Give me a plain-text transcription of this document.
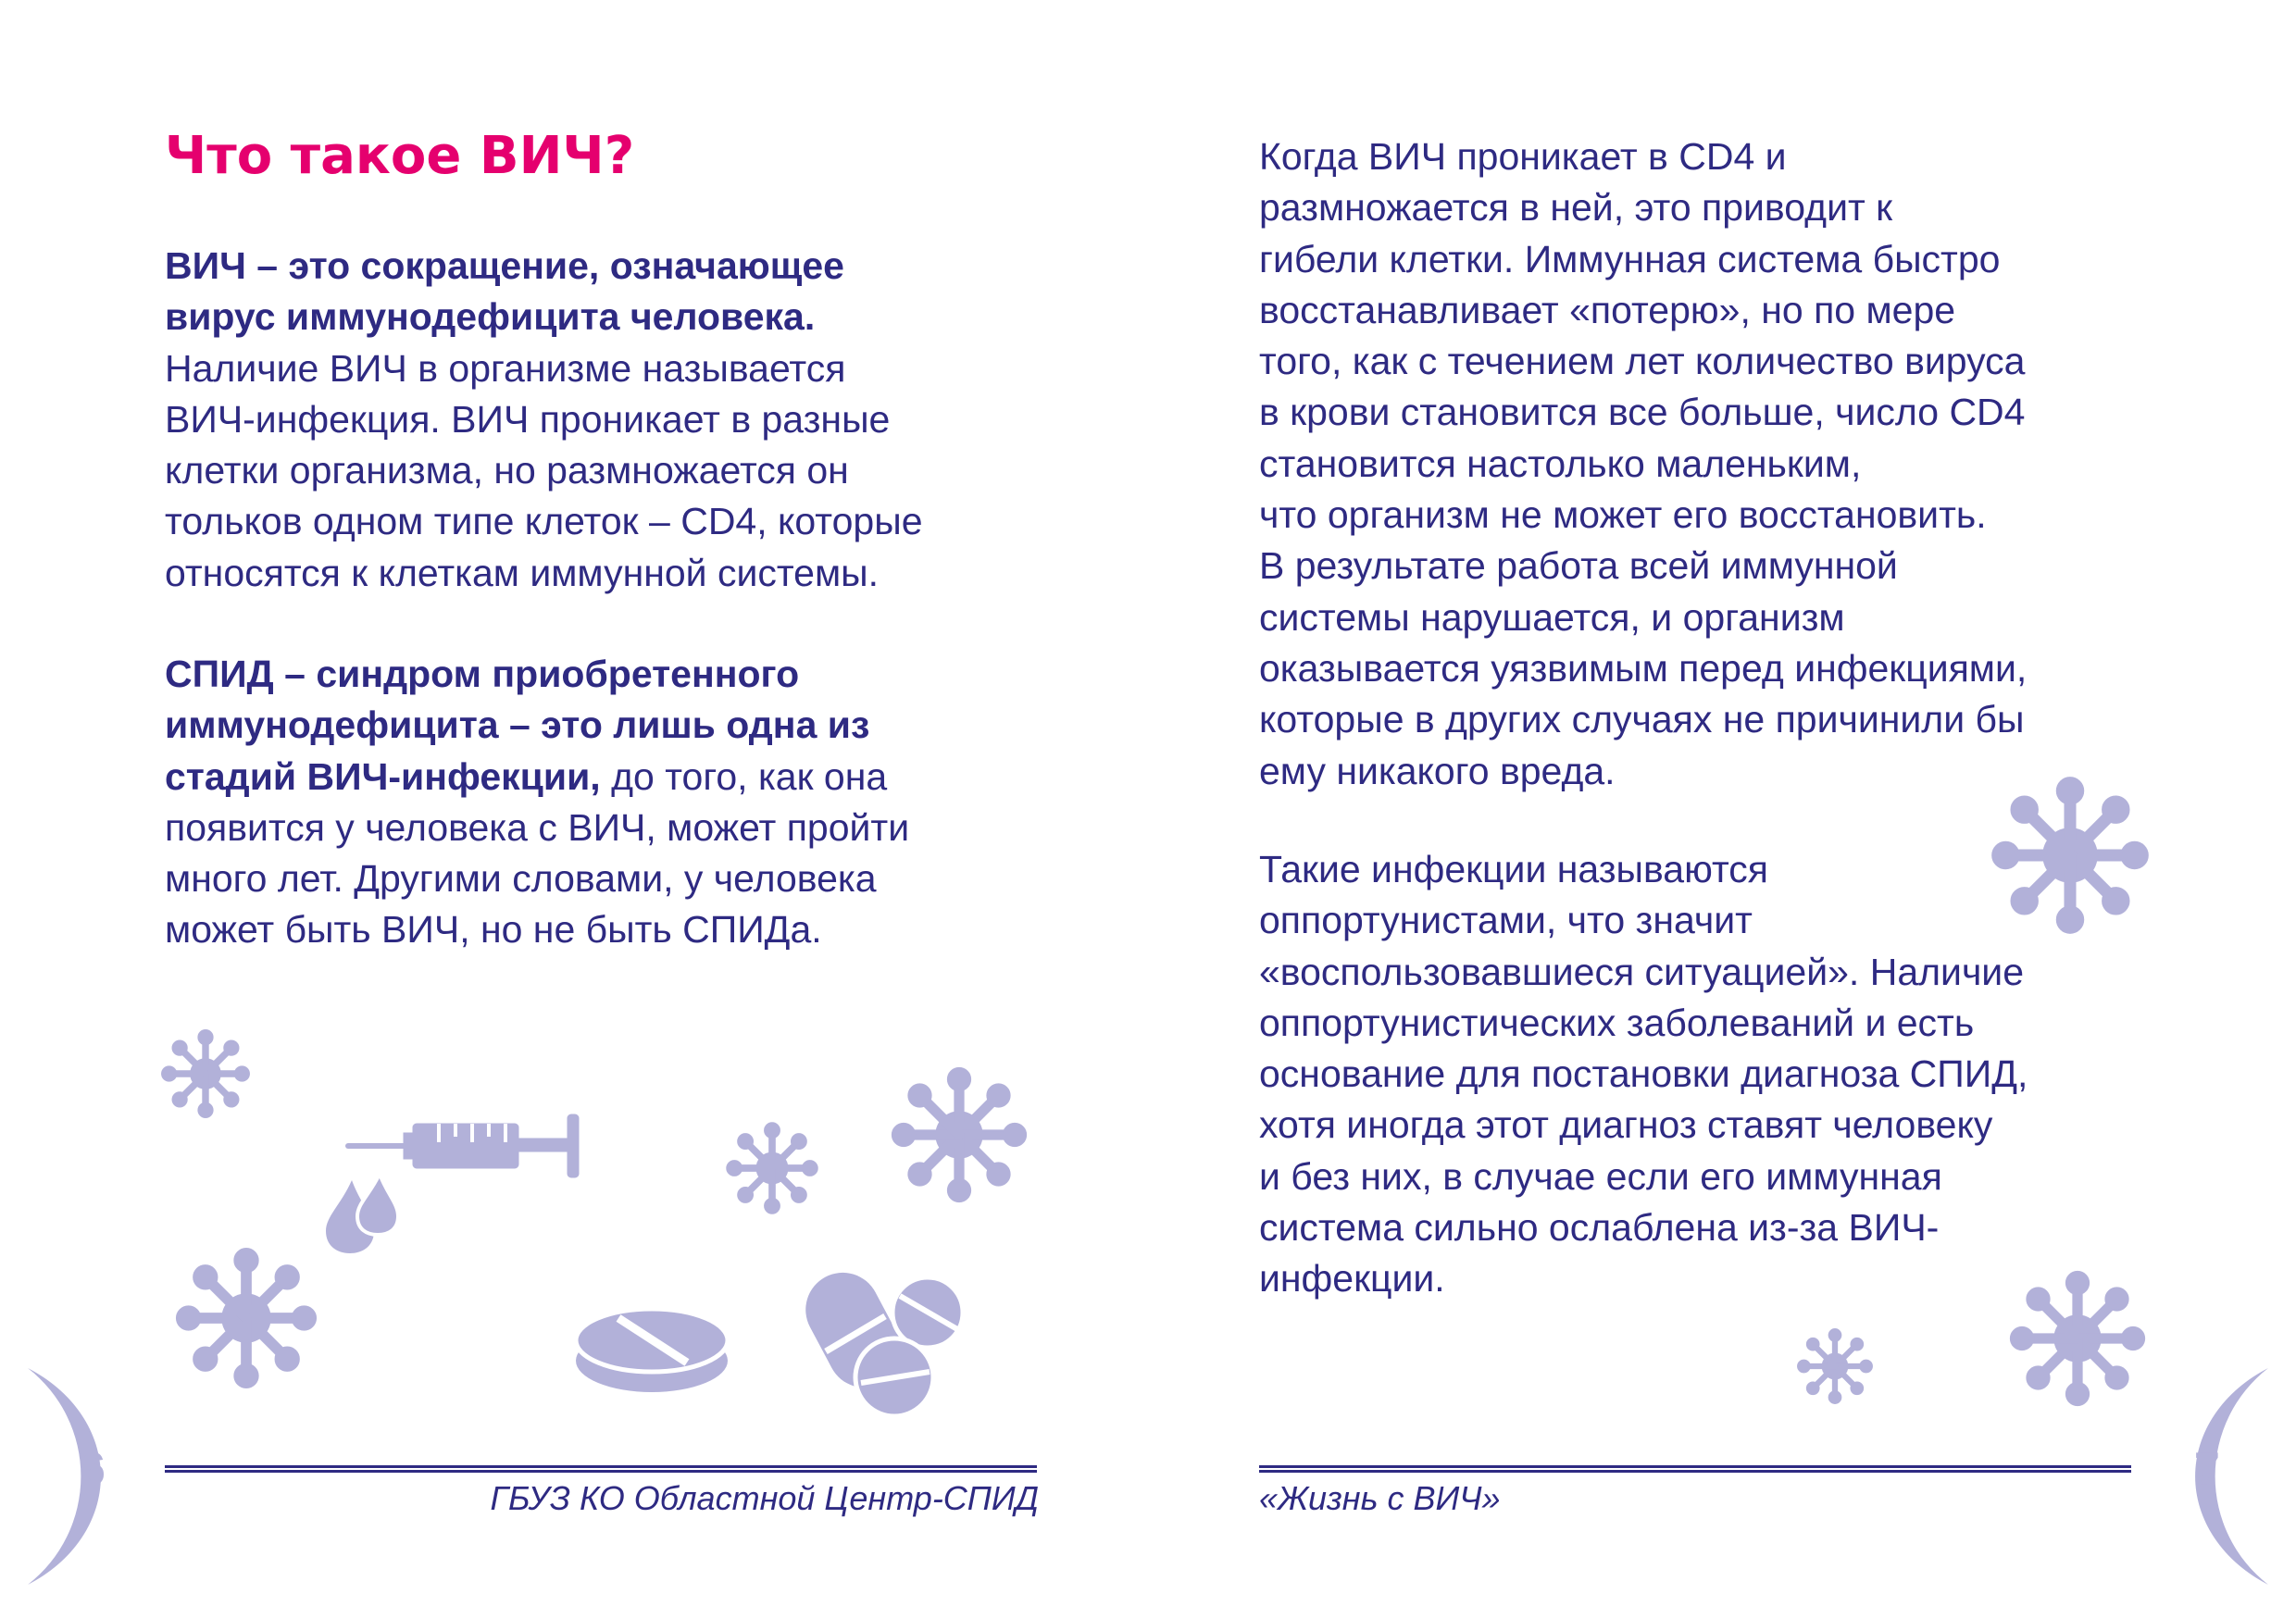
Что такое ВИЧ?

ВИЧ – это сокращение, означающее
вирус иммунодефицита человека.
Наличие ВИЧ в организме называется
ВИЧ-инфекция. ВИЧ проникает в разные
клетки организма, но размножается он
тольков одном типе клеток – CD4, которые
относятся к клеткам иммунной системы.

СПИД – синдром приобретенного
иммунодефицита – это лишь одна из
стадий ВИЧ-инфекции, до того, как она
появится у человека с ВИЧ, может пройти
много лет. Другими словами, у человека
может быть ВИЧ, но не быть СПИДа.

6
ГБУЗ КО Областной Центр-СПИД

Когда ВИЧ проникает в CD4 и
размножается в ней, это приводит к
гибели клетки. Иммунная система быстро
восстанавливает «потерю», но по мере
того, как с течением лет количество вируса
в крови становится все больше, число CD4
становится настолько маленьким,
что организм не может его восстановить.
В результате работа всей иммунной
системы нарушается, и организм
оказывается уязвимым перед инфекциями,
которые в других случаях не причинили бы
ему никакого вреда.

Такие инфекции называются
оппортунистами, что значит
«воспользовавшиеся ситуацией». Наличие
оппортунистических заболеваний и есть
основание для постановки диагноза СПИД,
хотя иногда этот диагноз ставят человеку
и без них, в случае если его иммунная
система сильно ослаблена из-за ВИЧ-
инфекции.

«Жизнь с ВИЧ»
7
